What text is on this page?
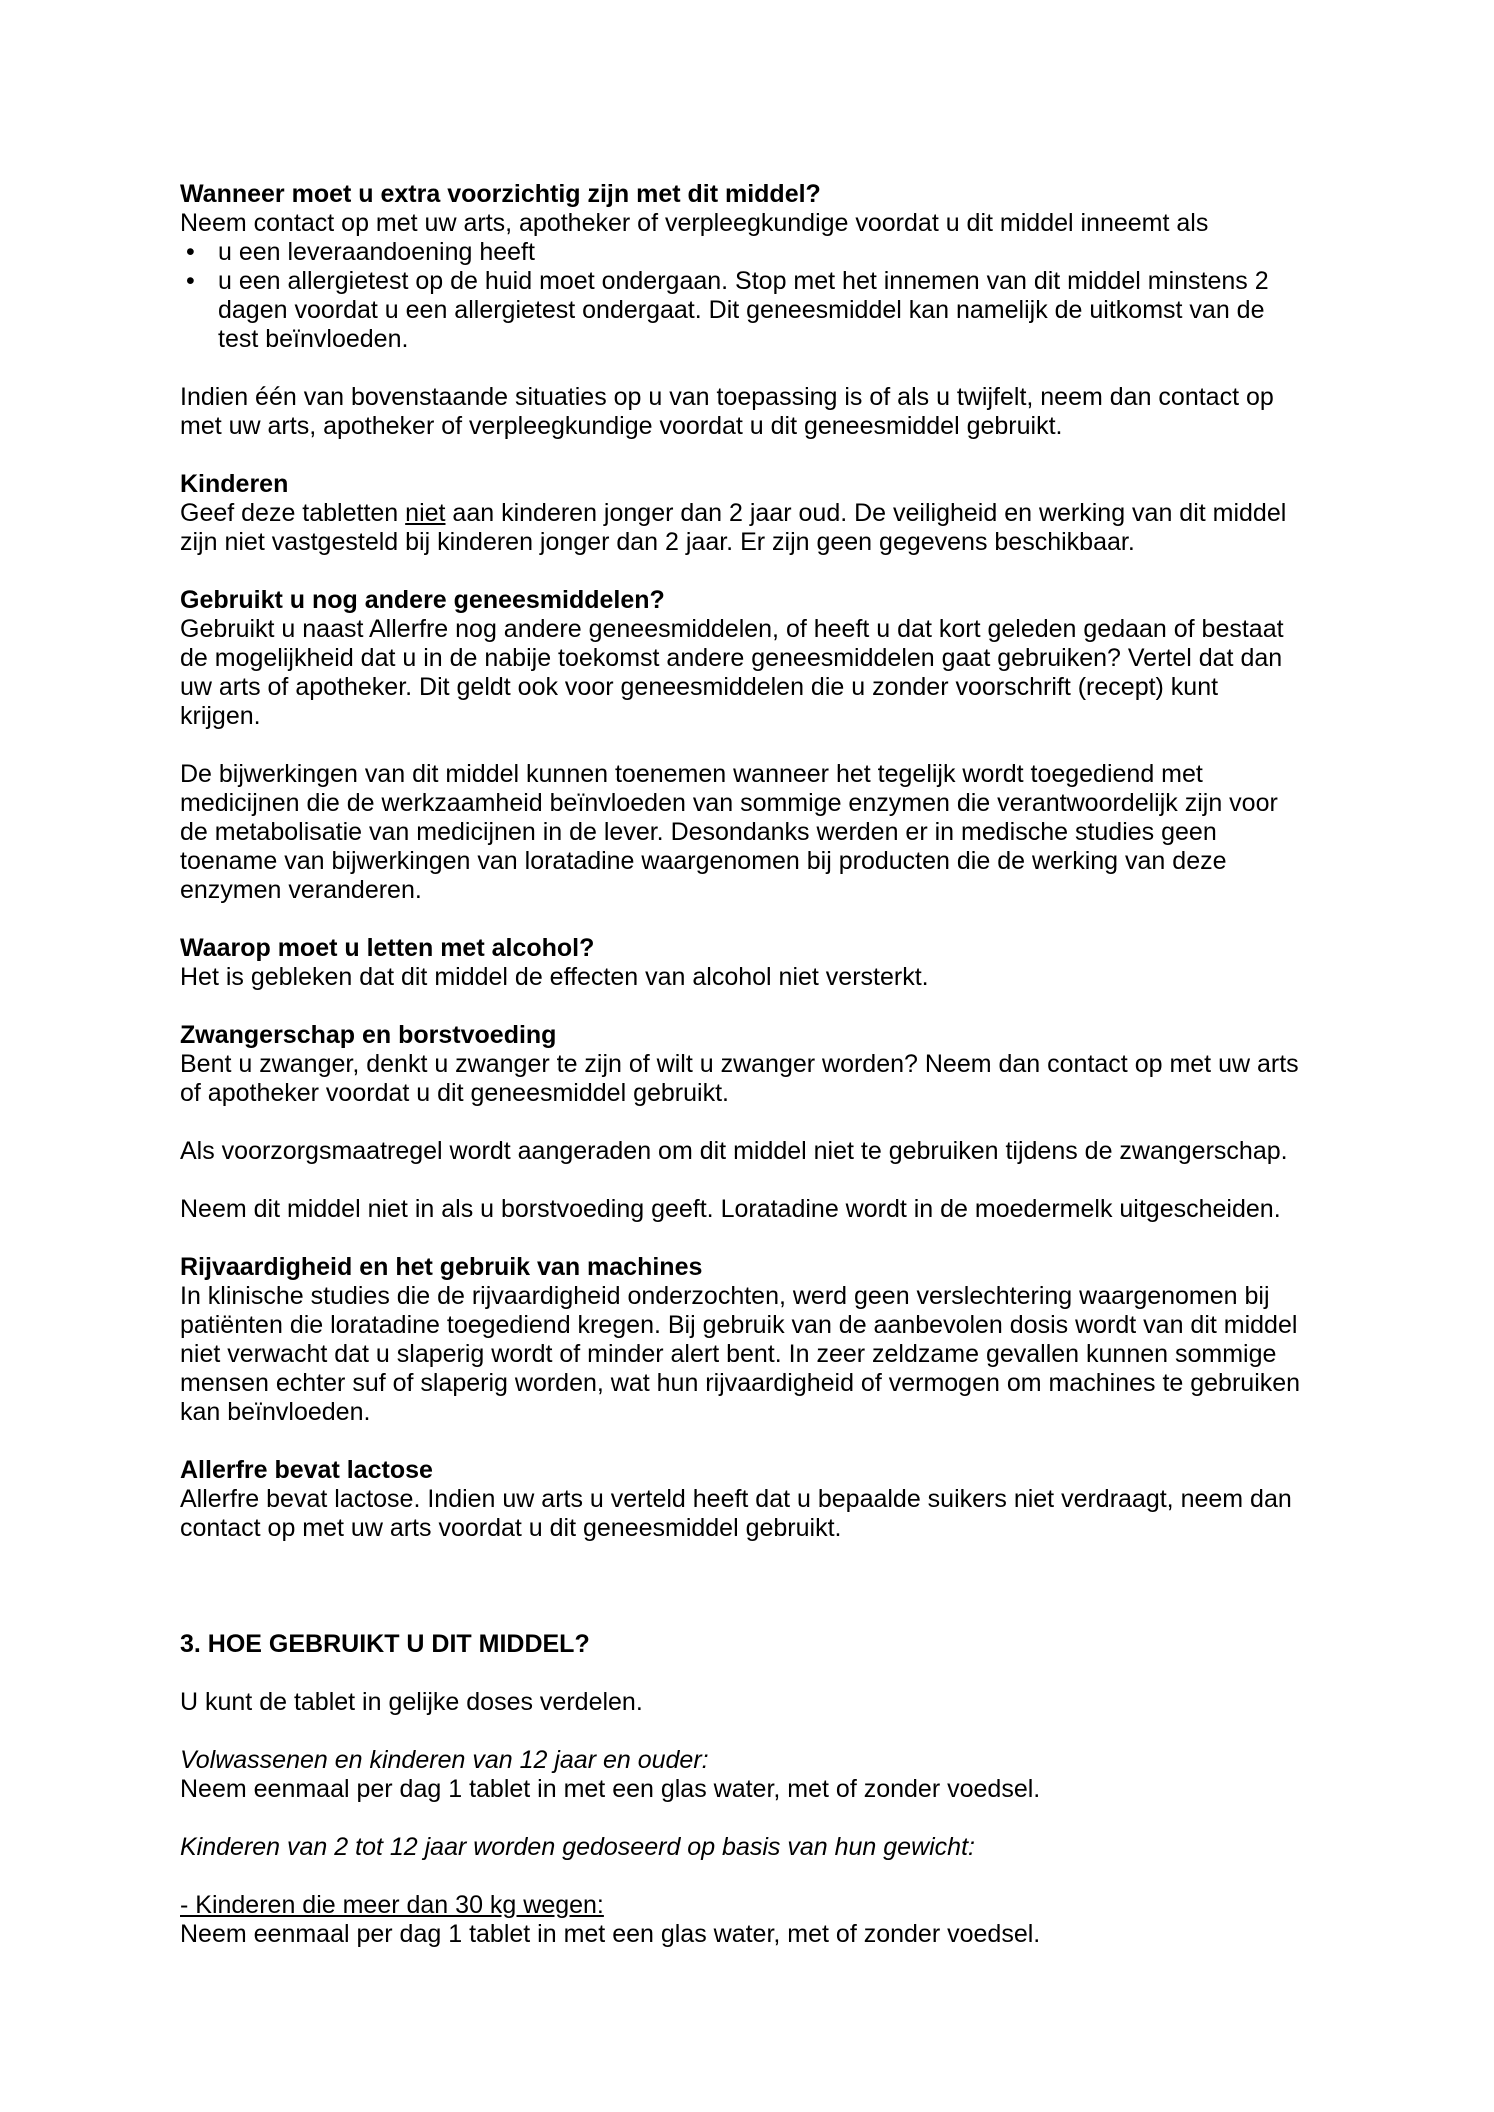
Wanneer moet u extra voorzichtig zijn met dit middel?

Neem contact op met uw arts, apotheker of verpleegkundige voordat u dit middel inneemt als

• u een leveraandoening heeft
• u een allergietest op de huid moet ondergaan. Stop met het innemen van dit middel minstens 2 dagen voordat u een allergietest ondergaat. Dit geneesmiddel kan namelijk de uitkomst van de test beïnvloeden.

Indien één van bovenstaande situaties op u van toepassing is of als u twijfelt, neem dan contact op met uw arts, apotheker of verpleegkundige voordat u dit geneesmiddel gebruikt.

Kinderen

Geef deze tabletten niet aan kinderen jonger dan 2 jaar oud. De veiligheid en werking van dit middel zijn niet vastgesteld bij kinderen jonger dan 2 jaar. Er zijn geen gegevens beschikbaar.

Gebruikt u nog andere geneesmiddelen?

Gebruikt u naast Allerfre nog andere geneesmiddelen, of heeft u dat kort geleden gedaan of bestaat de mogelijkheid dat u in de nabije toekomst andere geneesmiddelen gaat gebruiken? Vertel dat dan uw arts of apotheker. Dit geldt ook voor geneesmiddelen die u zonder voorschrift (recept) kunt krijgen.

De bijwerkingen van dit middel kunnen toenemen wanneer het tegelijk wordt toegediend met medicijnen die de werkzaamheid beïnvloeden van sommige enzymen die verantwoordelijk zijn voor de metabolisatie van medicijnen in de lever. Desondanks werden er in medische studies geen toename van bijwerkingen van loratadine waargenomen bij producten die de werking van deze enzymen veranderen.

Waarop moet u letten met alcohol?

Het is gebleken dat dit middel de effecten van alcohol niet versterkt.

Zwangerschap en borstvoeding

Bent u zwanger, denkt u zwanger te zijn of wilt u zwanger worden? Neem dan contact op met uw arts of apotheker voordat u dit geneesmiddel gebruikt.

Als voorzorgsmaatregel wordt aangeraden om dit middel niet te gebruiken tijdens de zwangerschap.

Neem dit middel niet in als u borstvoeding geeft. Loratadine wordt in de moedermelk uitgescheiden.

Rijvaardigheid en het gebruik van machines

In klinische studies die de rijvaardigheid onderzochten, werd geen verslechtering waargenomen bij patiënten die loratadine toegediend kregen. Bij gebruik van de aanbevolen dosis wordt van dit middel niet verwacht dat u slaperig wordt of minder alert bent. In zeer zeldzame gevallen kunnen sommige mensen echter suf of slaperig worden, wat hun rijvaardigheid of vermogen om machines te gebruiken kan beïnvloeden.

Allerfre bevat lactose

Allerfre bevat lactose. Indien uw arts u verteld heeft dat u bepaalde suikers niet verdraagt, neem dan contact op met uw arts voordat u dit geneesmiddel gebruikt.

3. HOE GEBRUIKT U DIT MIDDEL?

U kunt de tablet in gelijke doses verdelen.

Volwassenen en kinderen van 12 jaar en ouder:

Neem eenmaal per dag 1 tablet in met een glas water, met of zonder voedsel.

Kinderen van 2 tot 12 jaar worden gedoseerd op basis van hun gewicht:

- Kinderen die meer dan 30 kg wegen:

Neem eenmaal per dag 1 tablet in met een glas water, met of zonder voedsel.
